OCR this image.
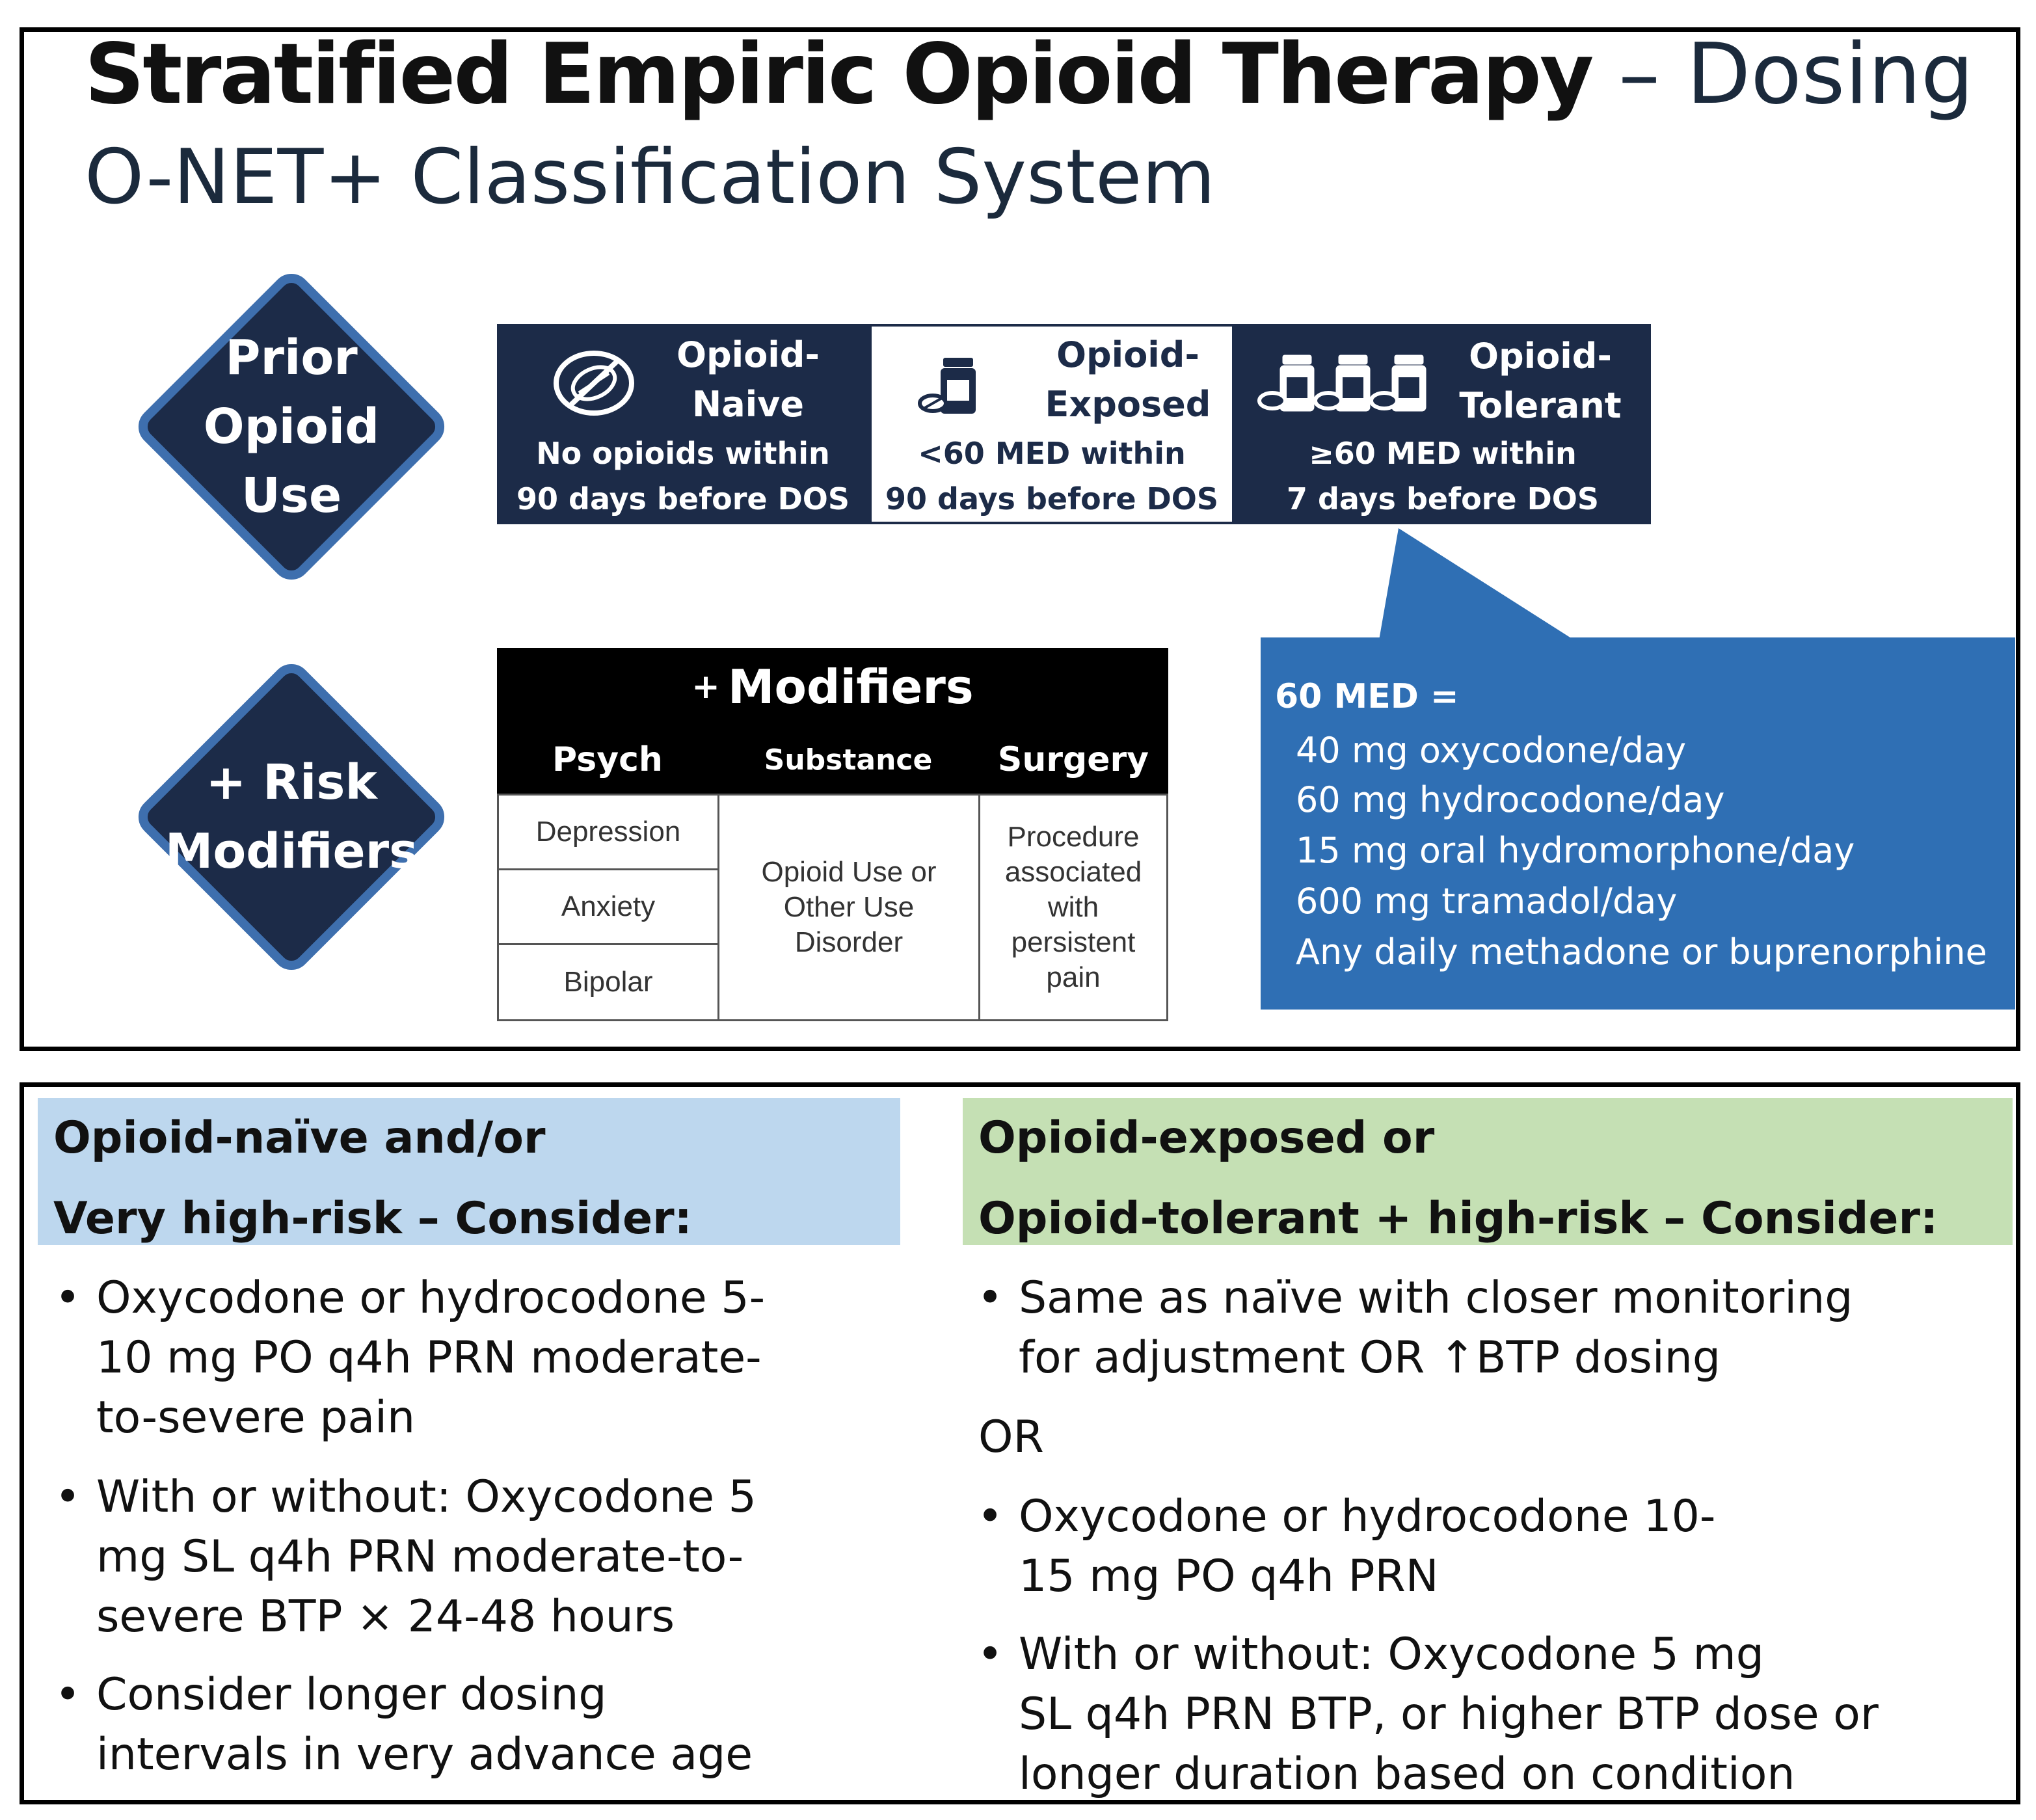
Stratified Empiric Opioid Therapy – Dosing
O-NET+ Classification System
Prior
Opioid
Use
+ Risk
Modifiers
Opioid-
Naive
No opioids within
90 days before DOS
Opioid-
Exposed
<60 MED within
90 days before DOS
Opioid-
Tolerant
≥60 MED within
7 days before DOS
60 MED =
40 mg oxycodone/day
60 mg hydrocodone/day
15 mg oral hydromorphone/day
600 mg tramadol/day
Any daily methadone or buprenorphine
+ Modifiers
Psych	Substance	Surgery
Depression
Anxiety
Bipolar
Opioid Use or
Other Use
Disorder
Procedure
associated
with
persistent
pain
Opioid-naïve and/or
Very high-risk – Consider:
Opioid-exposed or
Opioid-tolerant + high-risk – Consider:
• Oxycodone or hydrocodone 5-
10 mg PO q4h PRN moderate-
to-severe pain
• With or without: Oxycodone 5
mg SL q4h PRN moderate-to-
severe BTP × 24-48 hours
• Consider longer dosing
intervals in very advance age
• Same as naïve with closer monitoring
for adjustment OR ↑BTP dosing
OR
• Oxycodone or hydrocodone 10-
15 mg PO q4h PRN
• With or without: Oxycodone 5 mg
SL q4h PRN BTP, or higher BTP dose or
longer duration based on condition
